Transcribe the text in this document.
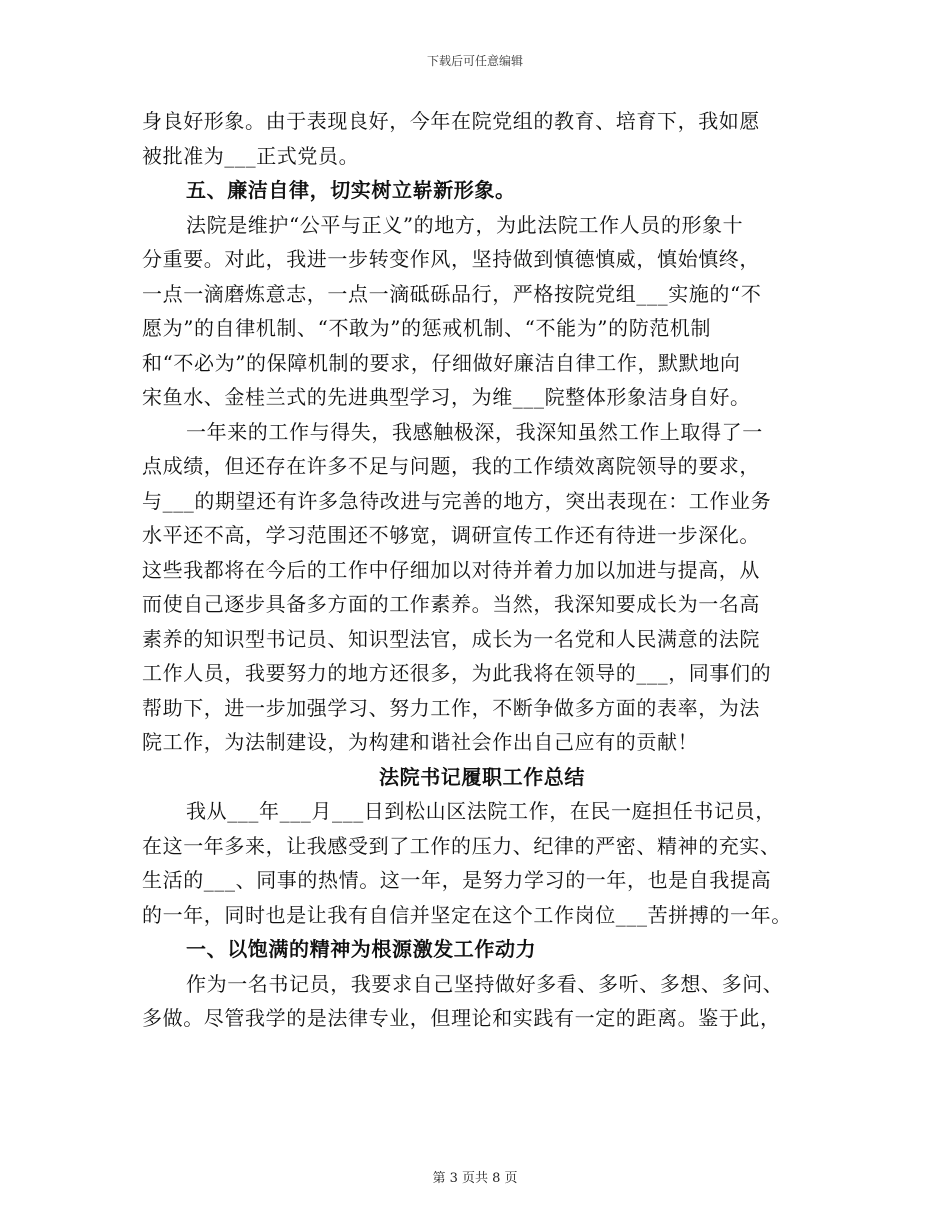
下载后可任意编辑
身良好形象。由于表现良好，今年在院党组的教育、培育下，我如愿
被批准为___正式党员。
五、廉洁自律，切实树立崭新形象。
法院是维护“公平与正义”的地方，为此法院工作人员的形象十
分重要。对此，我进一步转变作风，坚持做到慎德慎威，慎始慎终，
一点一滴磨炼意志，一点一滴砥砾品行，严格按院党组___实施的“不
愿为”的自律机制、“不敢为”的惩戒机制、“不能为”的防范机制
和“不必为”的保障机制的要求，仔细做好廉洁自律工作，默默地向
宋鱼水、金桂兰式的先进典型学习，为维___院整体形象洁身自好。
一年来的工作与得失，我感触极深，我深知虽然工作上取得了一
点成绩，但还存在许多不足与问题，我的工作绩效离院领导的要求，
与___的期望还有许多急待改进与完善的地方，突出表现在：工作业务
水平还不高，学习范围还不够宽，调研宣传工作还有待进一步深化。
这些我都将在今后的工作中仔细加以对待并着力加以加进与提高，从
而使自己逐步具备多方面的工作素养。当然，我深知要成长为一名高
素养的知识型书记员、知识型法官，成长为一名党和人民满意的法院
工作人员，我要努力的地方还很多，为此我将在领导的___，同事们的
帮助下，进一步加强学习、努力工作，不断争做多方面的表率，为法
院工作，为法制建设，为构建和谐社会作出自己应有的贡献！
法院书记履职工作总结
我从___年___月___日到松山区法院工作，在民一庭担任书记员，
在这一年多来，让我感受到了工作的压力、纪律的严密、精神的充实、
生活的___、同事的热情。这一年，是努力学习的一年，也是自我提高
的一年，同时也是让我有自信并坚定在这个工作岗位___苦拼搏的一年。
一、以饱满的精神为根源激发工作动力
作为一名书记员，我要求自己坚持做好多看、多听、多想、多问、
多做。尽管我学的是法律专业，但理论和实践有一定的距离。鉴于此，
第 3 页共 8 页
